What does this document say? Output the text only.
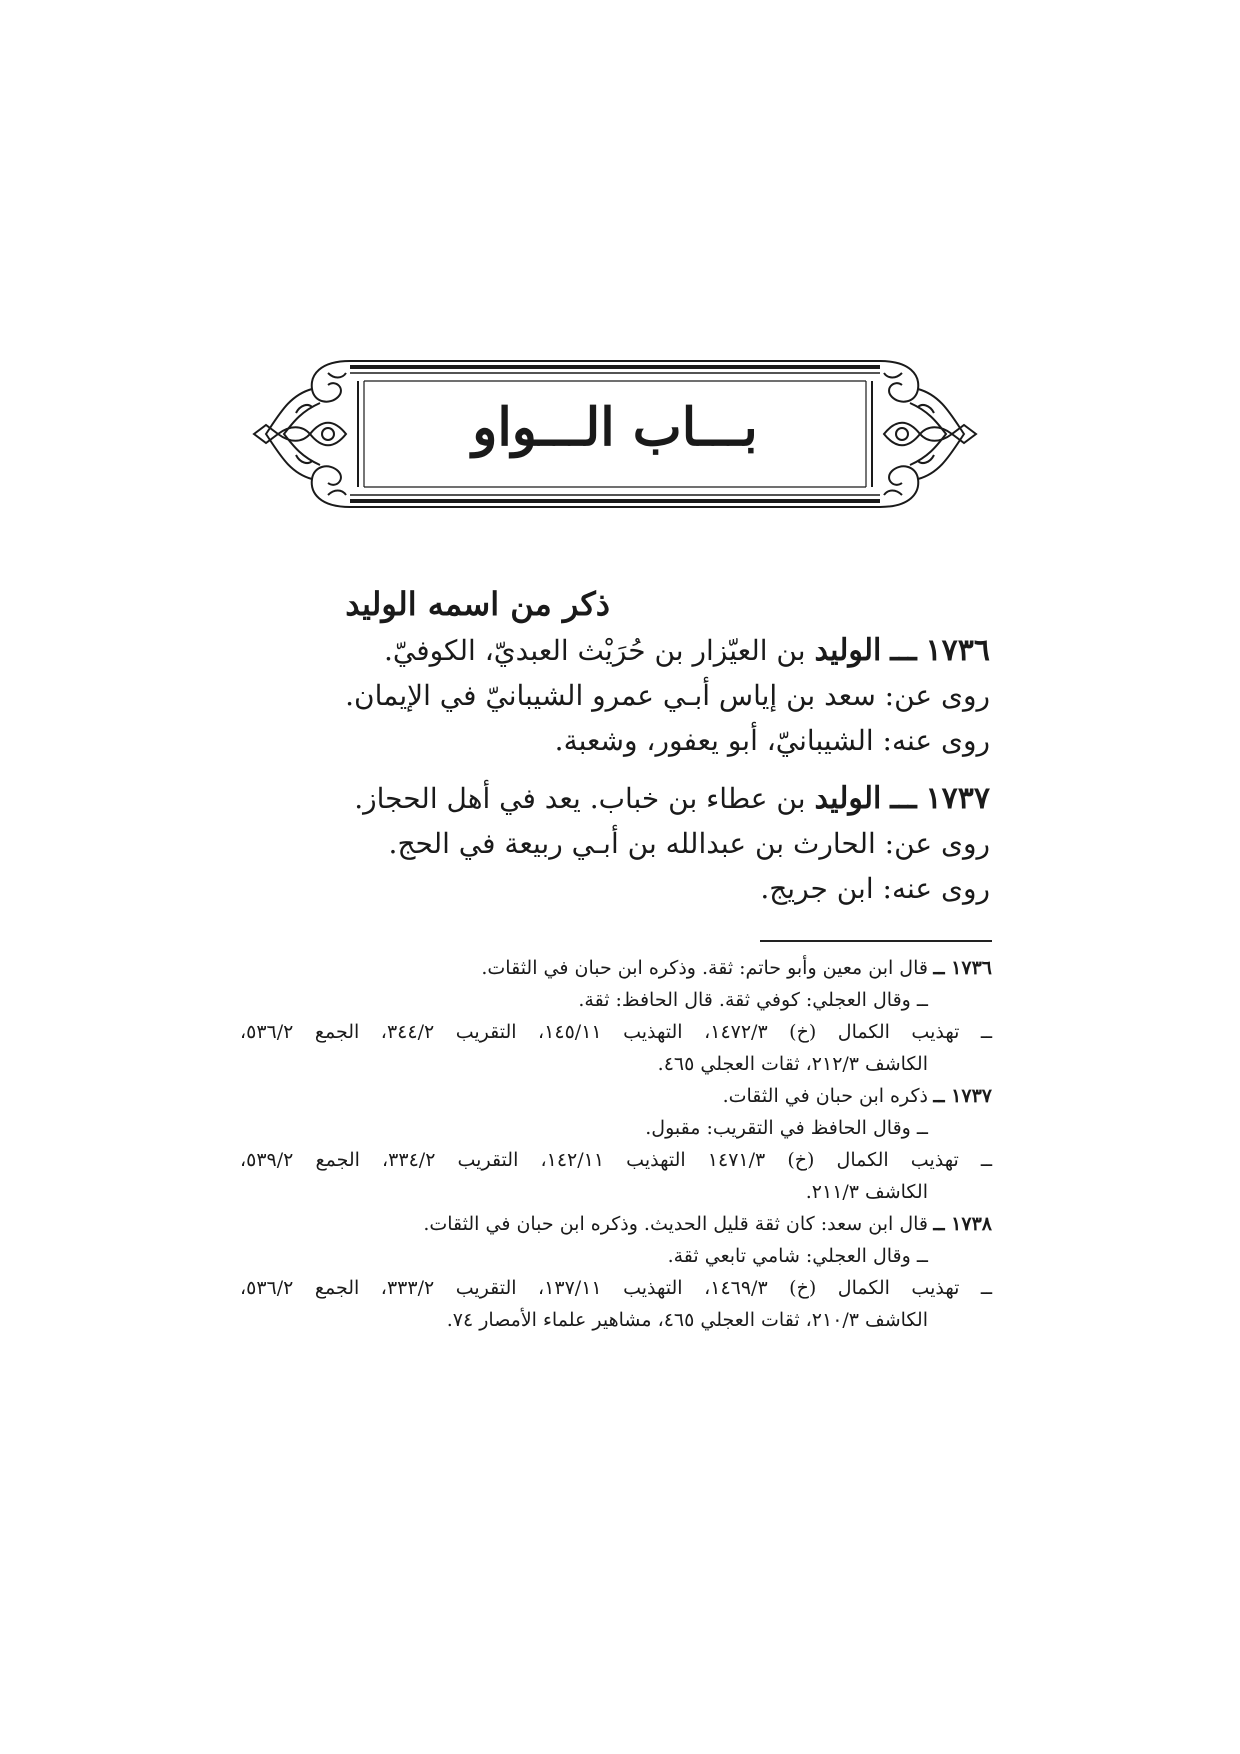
بـــاب الـــواو
ذكر من اسمه الوليد
١٧٣٦ ـــ الوليد بن العيّزار بن حُرَيْث العبديّ، الكوفيّ.
روى عن: سعد بن إياس أبـي عمرو الشيبانيّ في الإيمان.
روى عنه: الشيبانيّ، أبو يعفور، وشعبة.
١٧٣٧ ـــ الوليد بن عطاء بن خباب. يعد في أهل الحجاز.
روى عن: الحارث بن عبدالله بن أبـي ربيعة في الحج.
روى عنه: ابن جريج.
١٧٣٦ ــقال ابن معين وأبو حاتم: ثقة. وذكره ابن حبان في الثقات.
ــ وقال العجلي: كوفي ثقة. قال الحافظ: ثقة.
ــ تهذيب الكمال (خ) ١٤٧٢/٣، التهذيب ١٤٥/١١، التقريب ٣٤٤/٢، الجمع ٥٣٦/٢،
الكاشف ٢١٢/٣، ثقات العجلي ٤٦٥.
١٧٣٧ ــذكره ابن حبان في الثقات.
ــ وقال الحافظ في التقريب: مقبول.
ــ تهذيب الكمال (خ) ١٤٧١/٣ التهذيب ١٤٢/١١، التقريب ٣٣٤/٢، الجمع ٥٣٩/٢،
الكاشف ٢١١/٣.
١٧٣٨ ــقال ابن سعد: كان ثقة قليل الحديث. وذكره ابن حبان في الثقات.
ــ وقال العجلي: شامي تابعي ثقة.
ــ تهذيب الكمال (خ) ١٤٦٩/٣، التهذيب ١٣٧/١١، التقريب ٣٣٣/٢، الجمع ٥٣٦/٢،
الكاشف ٢١٠/٣، ثقات العجلي ٤٦٥، مشاهير علماء الأمصار ٧٤.
